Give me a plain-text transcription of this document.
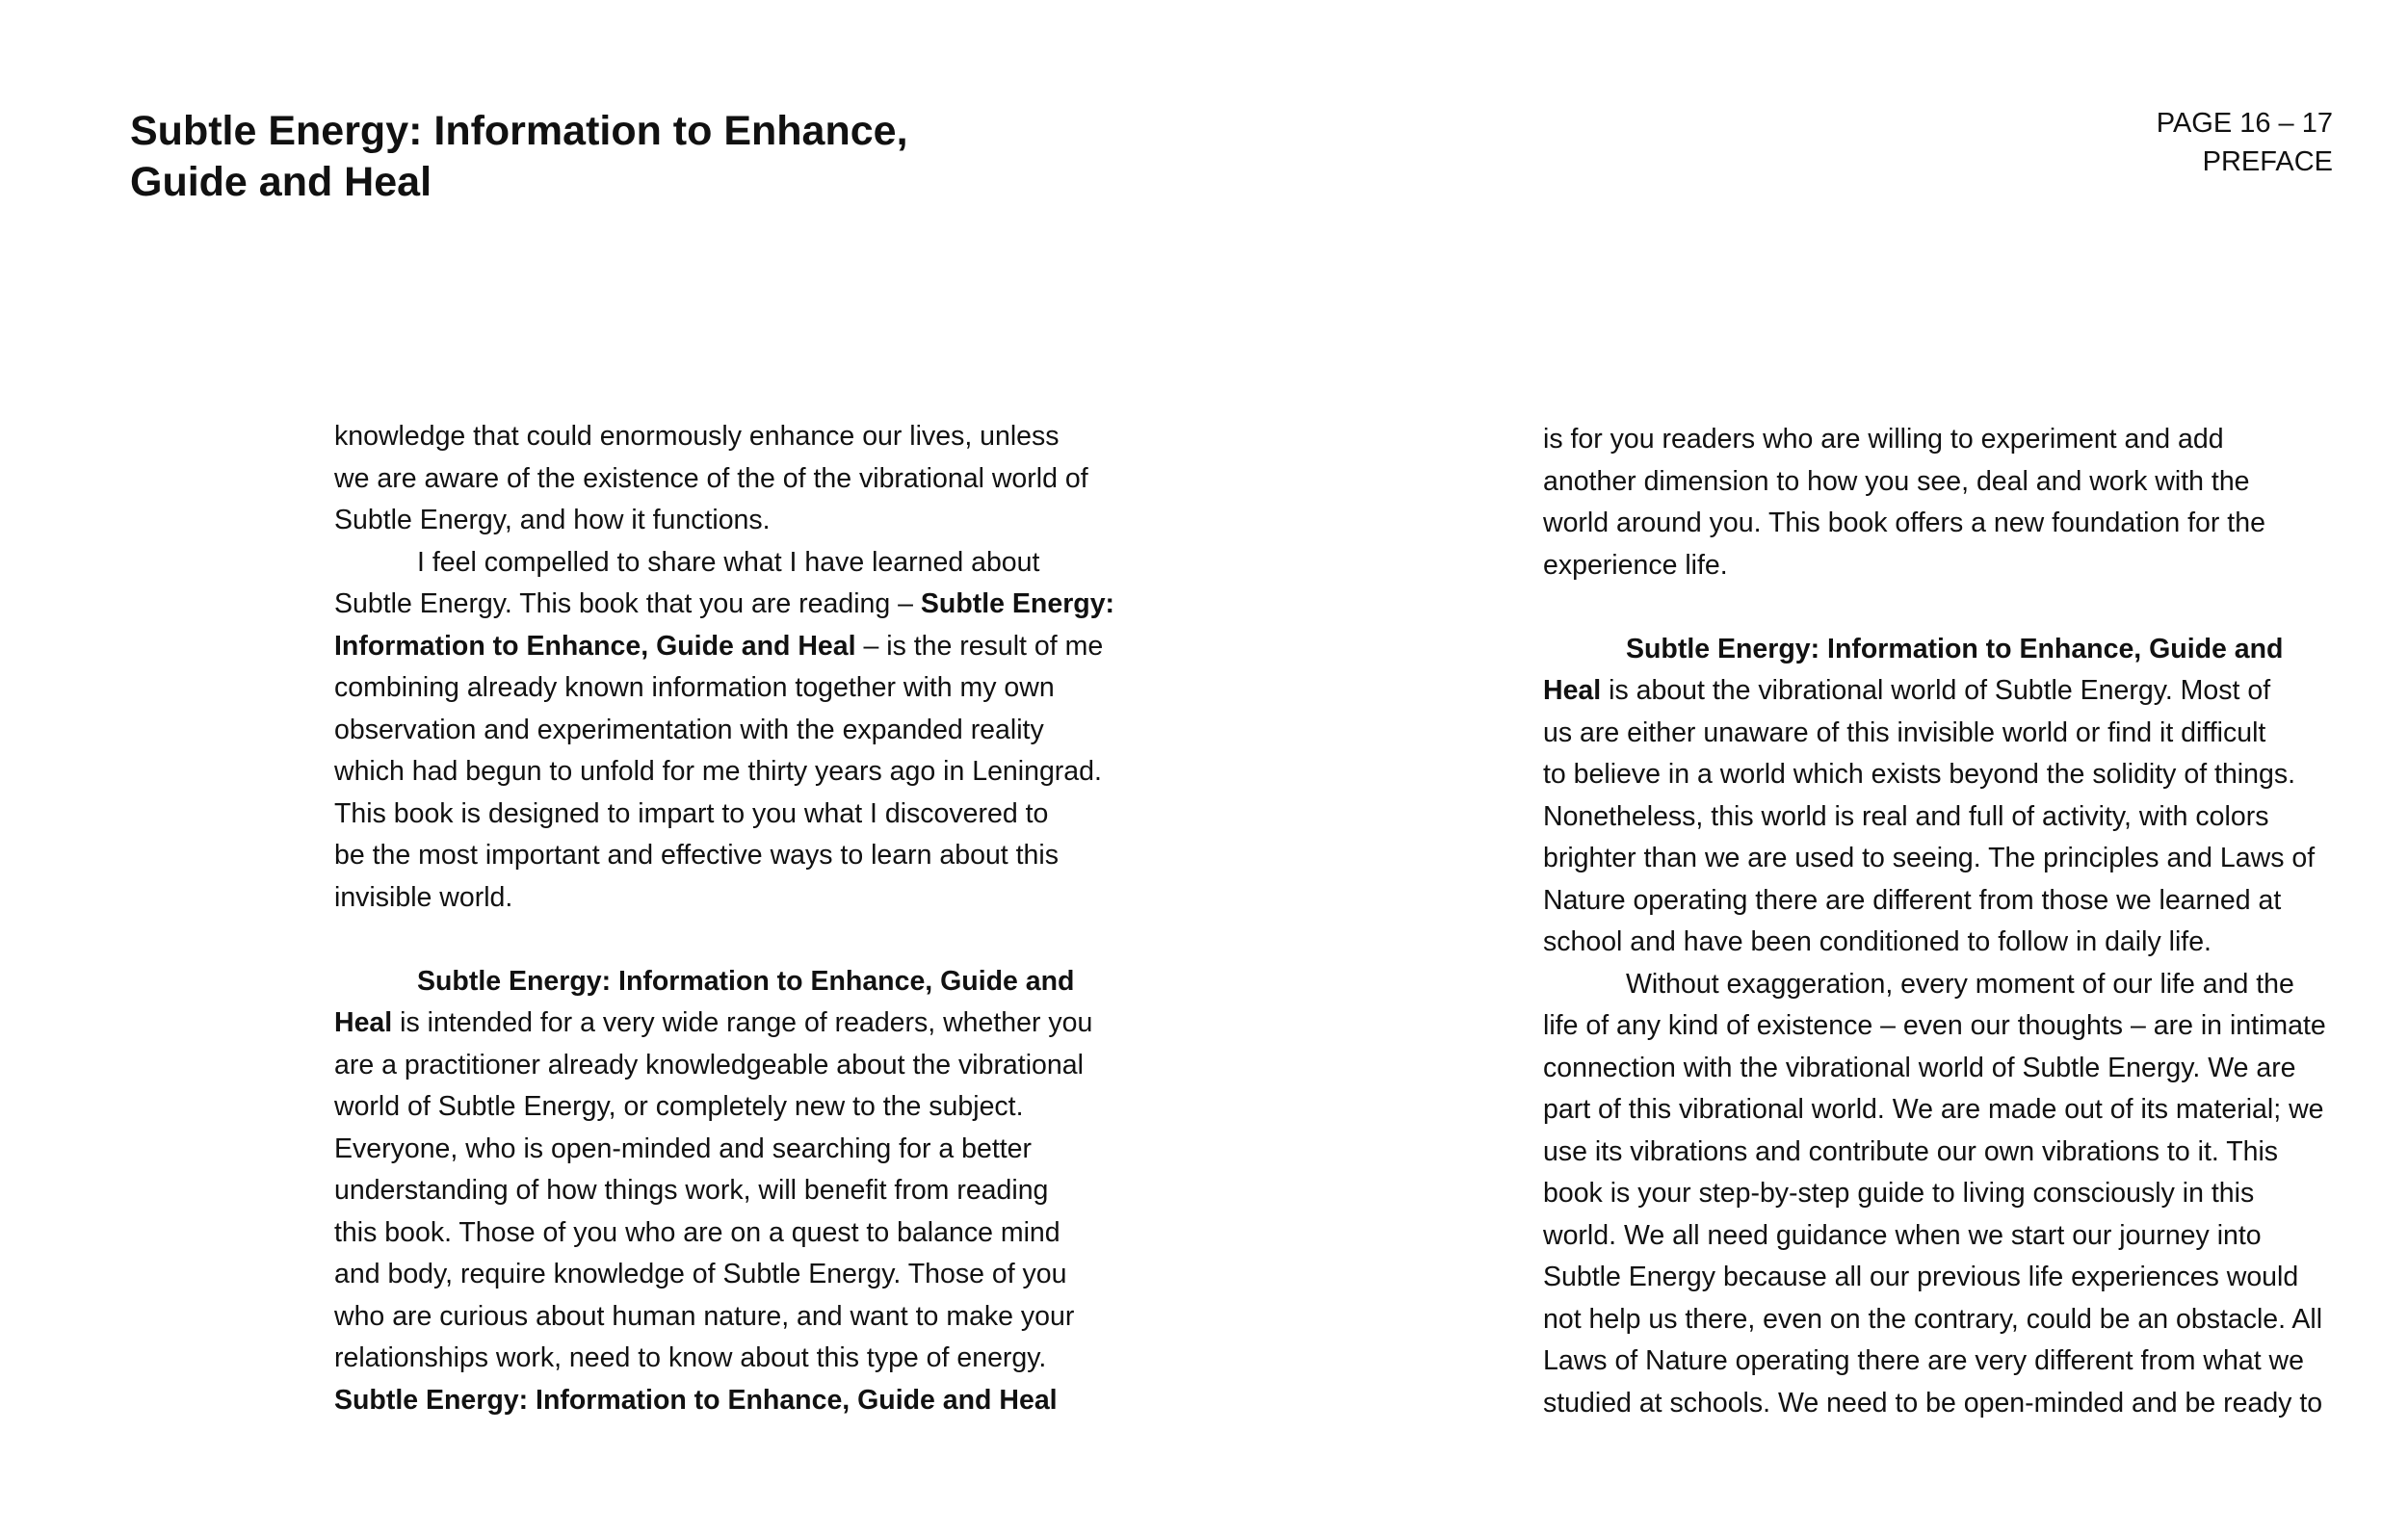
Subtle Energy: Information to Enhance,
Guide and Heal
PAGE 16 – 17
PREFACE
knowledge that could enormously enhance our lives, unless
we are aware of the existence of the of the vibrational world of
Subtle Energy, and how it functions.
I feel compelled to share what I have learned about
Subtle Energy. This book that you are reading – Subtle Energy:
Information to Enhance, Guide and Heal – is the result of me
combining already known information together with my own
observation and experimentation with the expanded reality
which had begun to unfold for me thirty years ago in Leningrad.
This book is designed to impart to you what I discovered to
be the most important and effective ways to learn about this
invisible world.
Subtle Energy: Information to Enhance, Guide and
Heal is intended for a very wide range of readers, whether you
are a practitioner already knowledgeable about the vibrational
world of Subtle Energy, or completely new to the subject.
Everyone, who is open-minded and searching for a better
understanding of how things work, will benefit from reading
this book. Those of you who are on a quest to balance mind
and body, require knowledge of Subtle Energy. Those of you
who are curious about human nature, and want to make your
relationships work, need to know about this type of energy.
Subtle Energy: Information to Enhance, Guide and Heal
is for you readers who are willing to experiment and add
another dimension to how you see, deal and work with the
world around you. This book offers a new foundation for the
experience life.
Subtle Energy: Information to Enhance, Guide and
Heal is about the vibrational world of Subtle Energy. Most of
us are either unaware of this invisible world or find it difficult
to believe in a world which exists beyond the solidity of things.
Nonetheless, this world is real and full of activity, with colors
brighter than we are used to seeing. The principles and Laws of
Nature operating there are different from those we learned at
school and have been conditioned to follow in daily life.
Without exaggeration, every moment of our life and the
life of any kind of existence – even our thoughts – are in intimate
connection with the vibrational world of Subtle Energy. We are
part of this vibrational world. We are made out of its material; we
use its vibrations and contribute our own vibrations to it. This
book is your step-by-step guide to living consciously in this
world. We all need guidance when we start our journey into
Subtle Energy because all our previous life experiences would
not help us there, even on the contrary, could be an obstacle. All
Laws of Nature operating there are very different from what we
studied at schools. We need to be open-minded and be ready to
